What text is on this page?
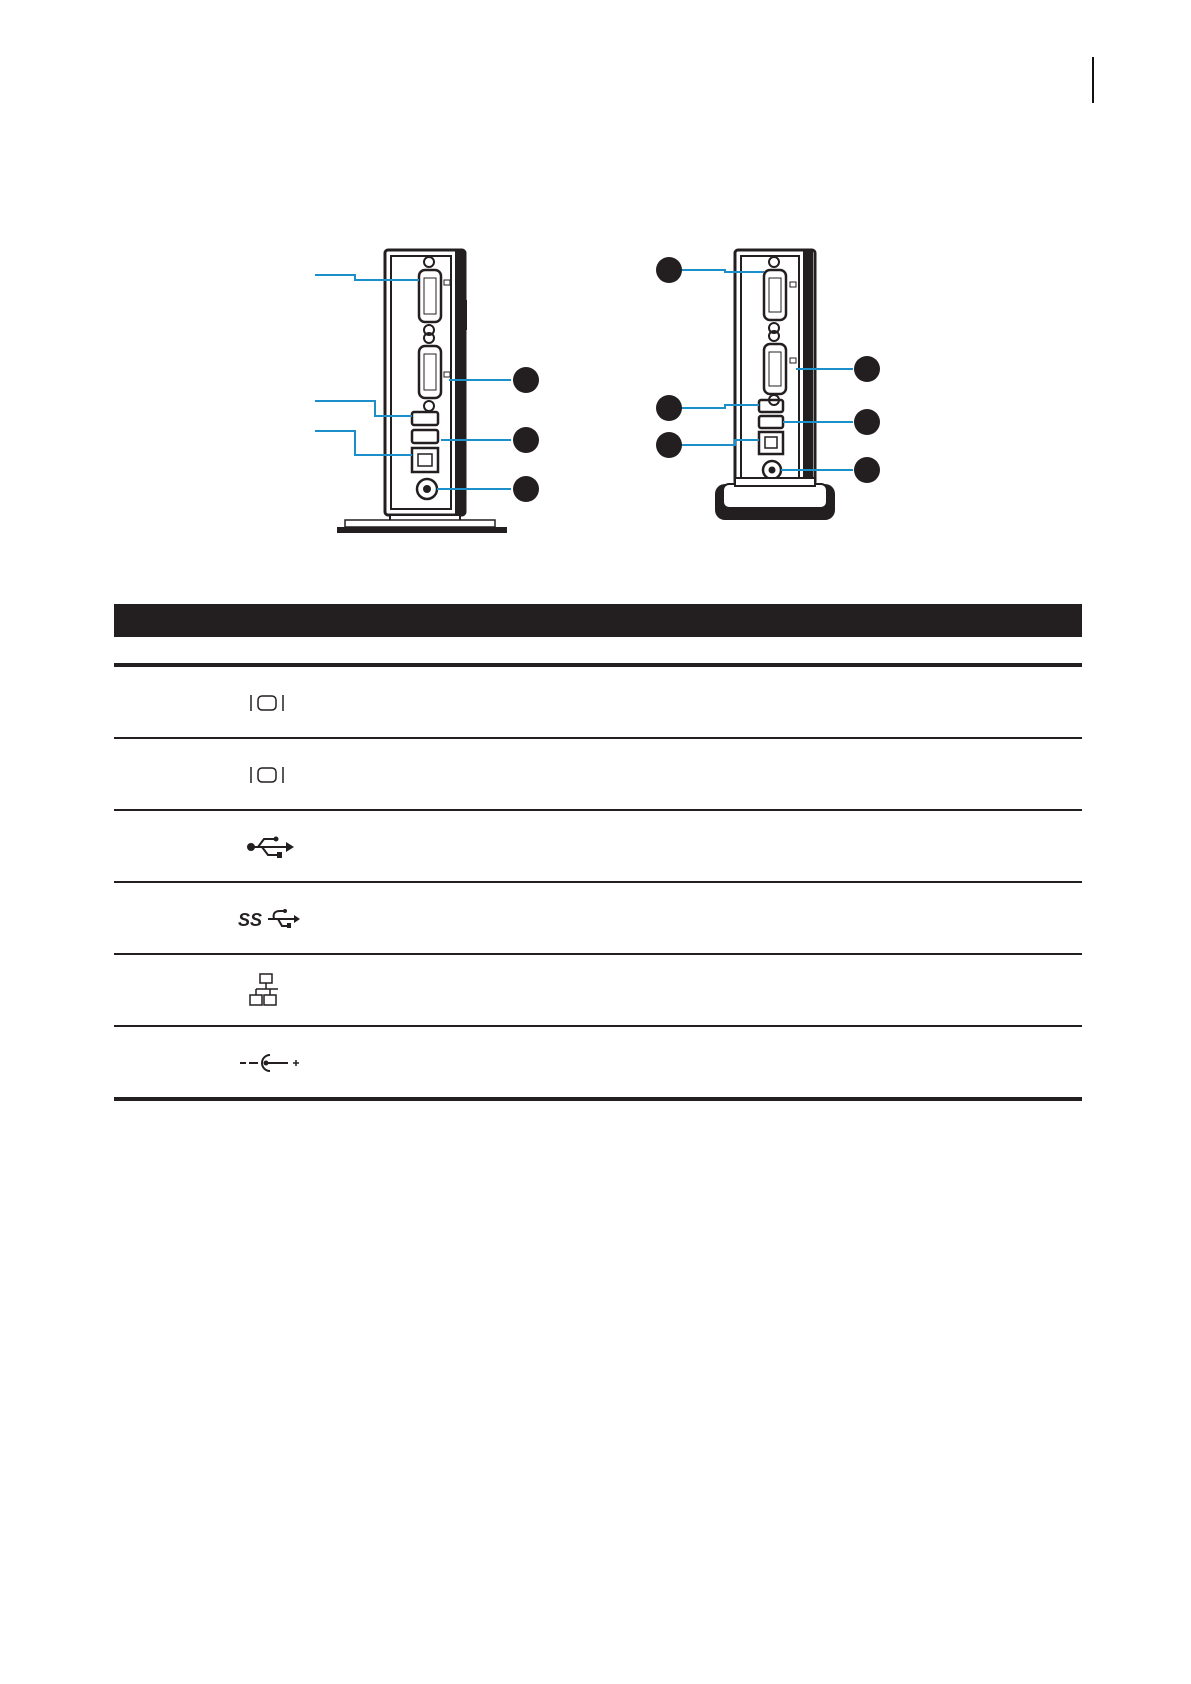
SS
